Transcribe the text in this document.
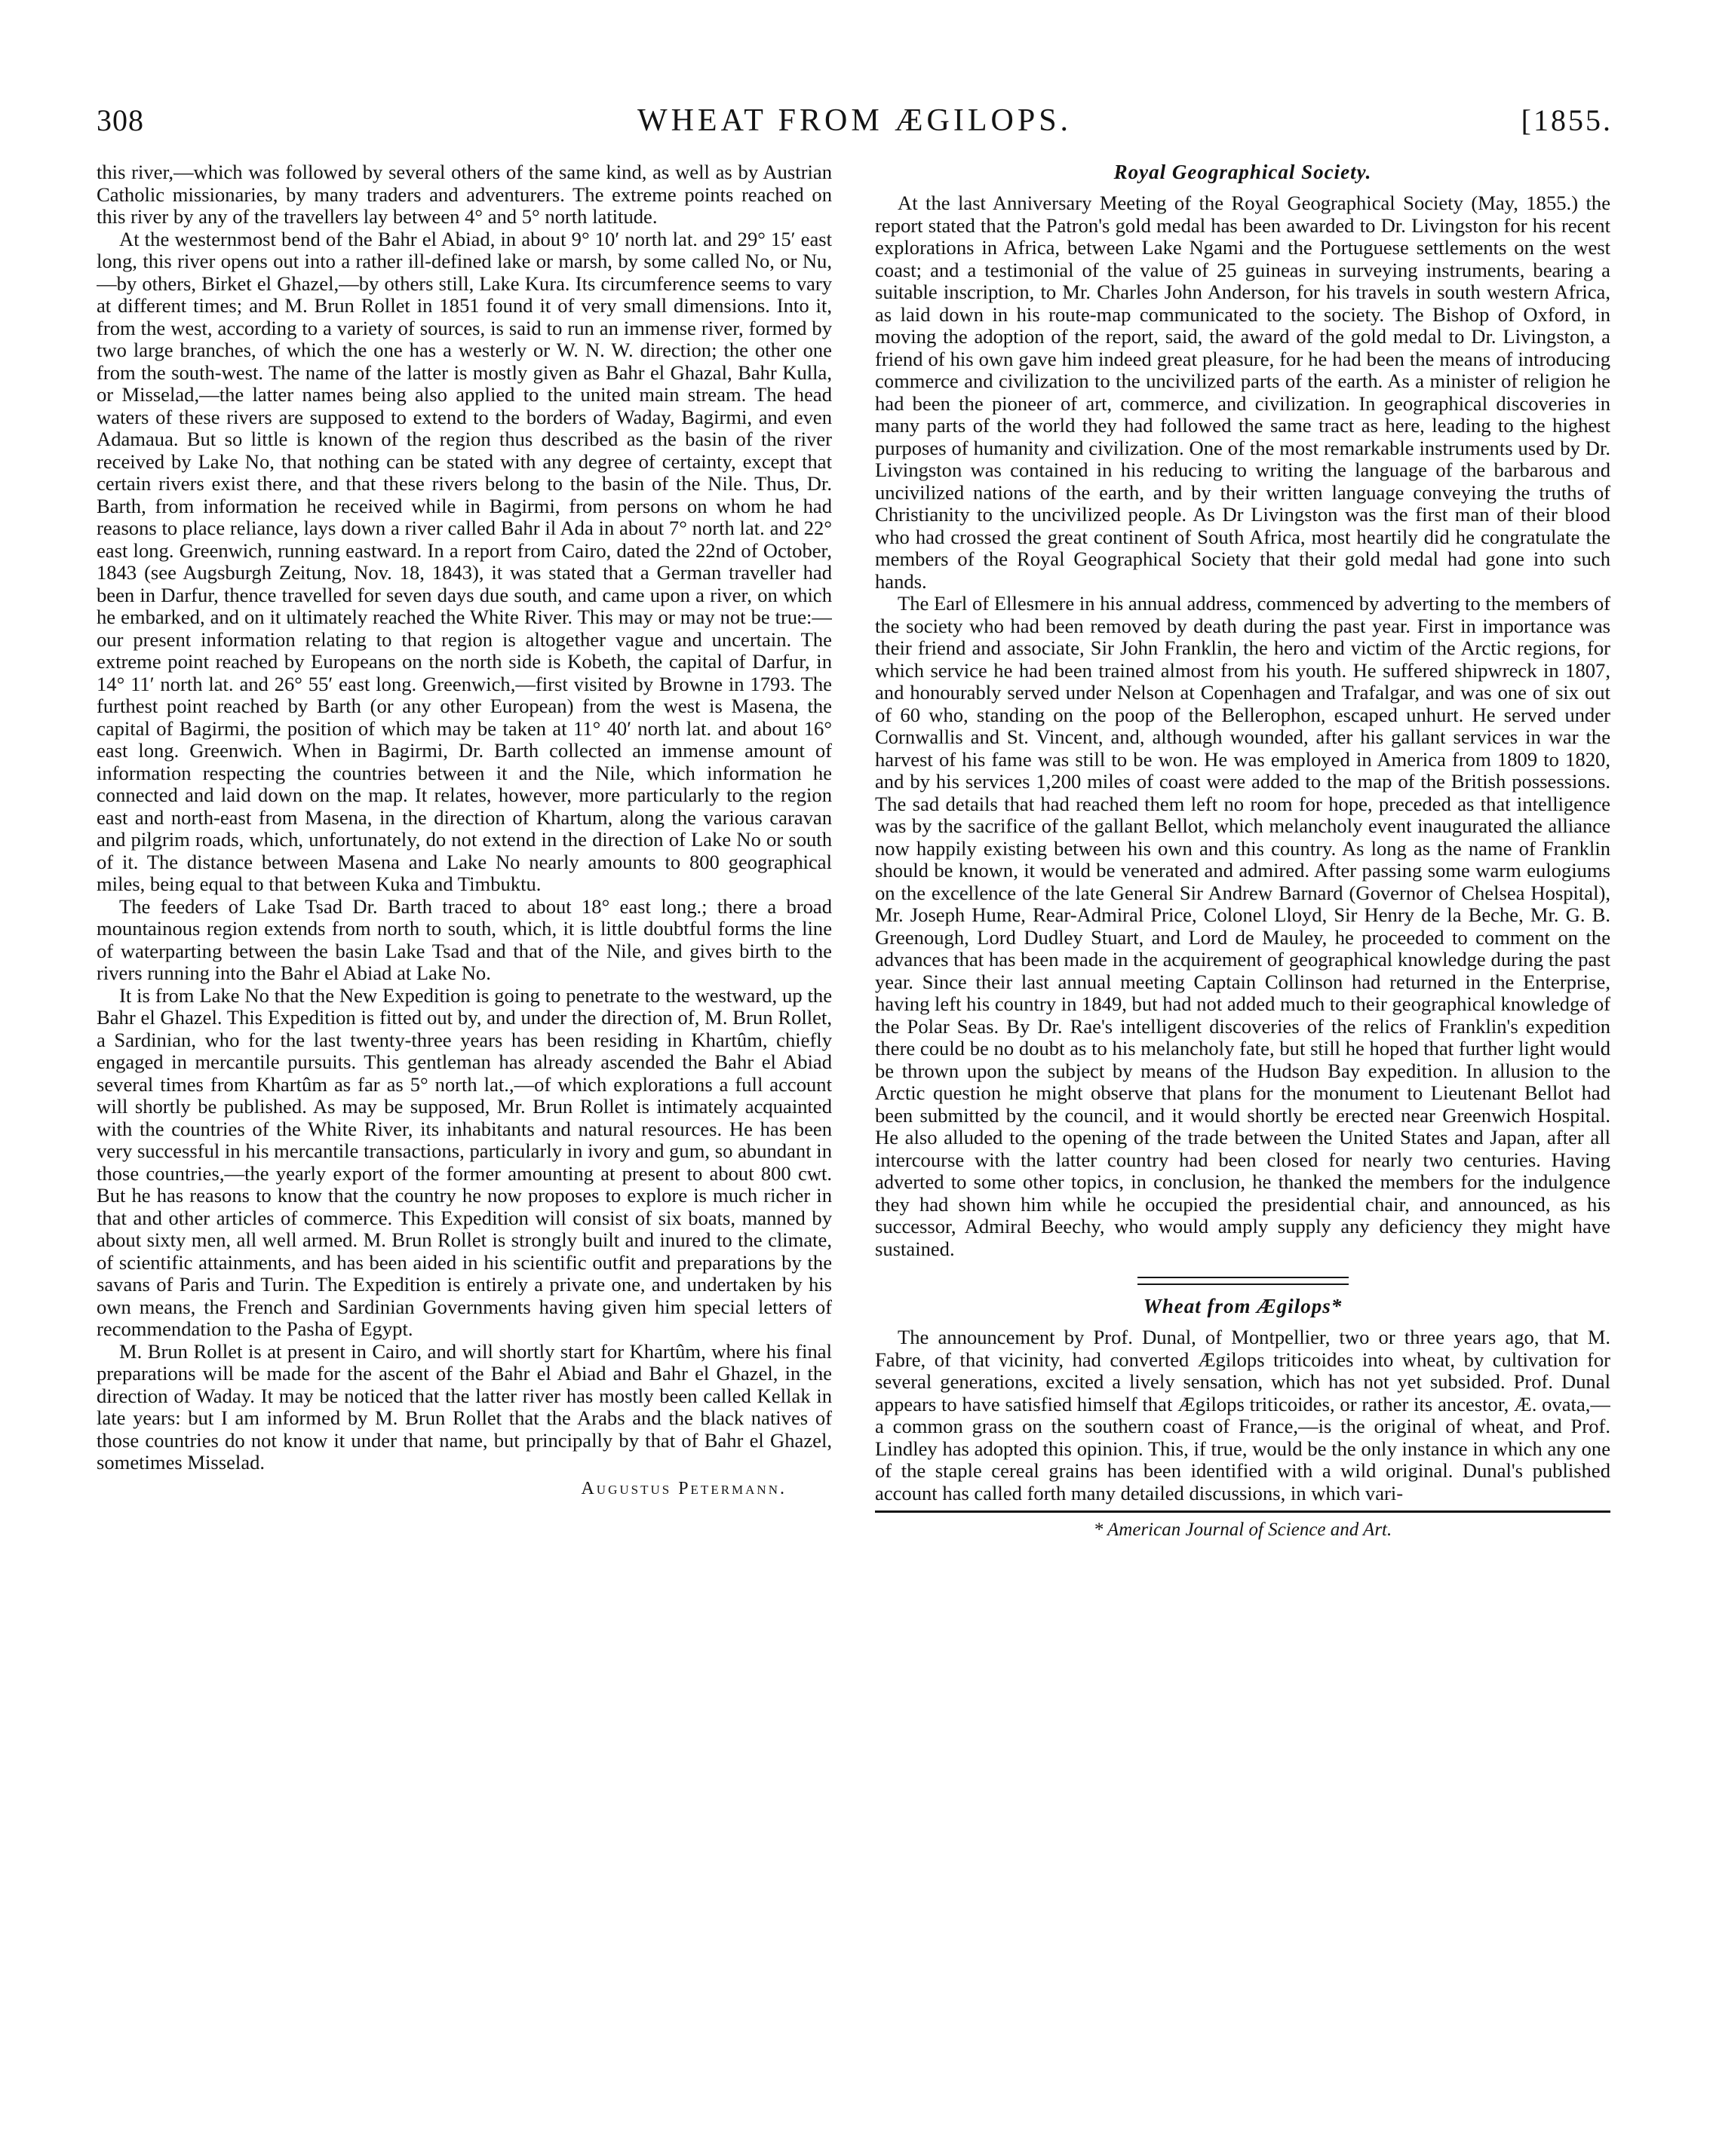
308	WHEAT FROM ÆGILOPS.	[1855.

this river,—which was followed by several others of the same kind, as well as by Austrian Catholic missionaries, by many traders and adventurers. The extreme points reached on this river by any of the travellers lay between 4° and 5° north latitude.

At the westernmost bend of the Bahr el Abiad, in about 9° 10′ north lat. and 29° 15′ east long, this river opens out into a rather ill-defined lake or marsh, by some called No, or Nu,—by others, Birket el Ghazel,—by others still, Lake Kura. Its circumference seems to vary at different times; and M. Brun Rollet in 1851 found it of very small dimensions. Into it, from the west, according to a variety of sources, is said to run an immense river, formed by two large branches, of which the one has a westerly or W. N. W. direction; the other one from the south-west. The name of the latter is mostly given as Bahr el Ghazal, Bahr Kulla, or Misselad,—the latter names being also applied to the united main stream. The head waters of these rivers are supposed to extend to the borders of Waday, Bagirmi, and even Adamaua. But so little is known of the region thus described as the basin of the river received by Lake No, that nothing can be stated with any degree of certainty, except that certain rivers exist there, and that these rivers belong to the basin of the Nile. Thus, Dr. Barth, from information he received while in Bagirmi, from persons on whom he had reasons to place reliance, lays down a river called Bahr il Ada in about 7° north lat. and 22° east long. Greenwich, running eastward. In a report from Cairo, dated the 22nd of October, 1843 (see Augsburgh Zeitung, Nov. 18, 1843), it was stated that a German traveller had been in Darfur, thence travelled for seven days due south, and came upon a river, on which he embarked, and on it ultimately reached the White River. This may or may not be true:—our present information relating to that region is altogether vague and uncertain. The extreme point reached by Europeans on the north side is Kobeth, the capital of Darfur, in 14° 11′ north lat. and 26° 55′ east long. Greenwich,—first visited by Browne in 1793. The furthest point reached by Barth (or any other European) from the west is Masena, the capital of Bagirmi, the position of which may be taken at 11° 40′ north lat. and about 16° east long. Greenwich. When in Bagirmi, Dr. Barth collected an immense amount of information respecting the countries between it and the Nile, which information he connected and laid down on the map. It relates, however, more particularly to the region east and north-east from Masena, in the direction of Khartum, along the various caravan and pilgrim roads, which, unfortunately, do not extend in the direction of Lake No or south of it. The distance between Masena and Lake No nearly amounts to 800 geographical miles, being equal to that between Kuka and Timbuktu.

The feeders of Lake Tsad Dr. Barth traced to about 18° east long.; there a broad mountainous region extends from north to south, which, it is little doubtful forms the line of waterparting between the basin Lake Tsad and that of the Nile, and gives birth to the rivers running into the Bahr el Abiad at Lake No.

It is from Lake No that the New Expedition is going to penetrate to the westward, up the Bahr el Ghazel. This Expedition is fitted out by, and under the direction of, M. Brun Rollet, a Sardinian, who for the last twenty-three years has been residing in Khartûm, chiefly engaged in mercantile pursuits. This gentleman has already ascended the Bahr el Abiad several times from Khartûm as far as 5° north lat.,—of which explorations a full account will shortly be published. As may be supposed, Mr. Brun Rollet is intimately acquainted with the countries of the White River, its inhabitants and natural resources. He has been very successful in his mercantile transactions, particularly in ivory and gum, so abundant in those countries,—the yearly export of the former amounting at present to about 800 cwt. But he has reasons to know that the country he now proposes to explore is much richer in that and other articles of commerce. This Expedition will consist of six boats, manned by about sixty men, all well armed. M. Brun Rollet is strongly built and inured to the climate, of scientific attainments, and has been aided in his scientific outfit and preparations by the savans of Paris and Turin. The Expedition is entirely a private one, and undertaken by his own means, the French and Sardinian Governments having given him special letters of recommendation to the Pasha of Egypt.

M. Brun Rollet is at present in Cairo, and will shortly start for Khartûm, where his final preparations will be made for the ascent of the Bahr el Abiad and Bahr el Ghazel, in the direction of Waday. It may be noticed that the latter river has mostly been called Kellak in late years: but I am informed by M. Brun Rollet that the Arabs and the black natives of those countries do not know it under that name, but principally by that of Bahr el Ghazel, sometimes Misselad.

Augustus Petermann.
Royal Geographical Society.

At the last Anniversary Meeting of the Royal Geographical Society (May, 1855.) the report stated that the Patron's gold medal has been awarded to Dr. Livingston for his recent explorations in Africa, between Lake Ngami and the Portuguese settlements on the west coast; and a testimonial of the value of 25 guineas in surveying instruments, bearing a suitable inscription, to Mr. Charles John Anderson, for his travels in south western Africa, as laid down in his route-map communicated to the society. The Bishop of Oxford, in moving the adoption of the report, said, the award of the gold medal to Dr. Livingston, a friend of his own gave him indeed great pleasure, for he had been the means of introducing commerce and civilization to the uncivilized parts of the earth. As a minister of religion he had been the pioneer of art, commerce, and civilization. In geographical discoveries in many parts of the world they had followed the same tract as here, leading to the highest purposes of humanity and civilization. One of the most remarkable instruments used by Dr. Livingston was contained in his reducing to writing the language of the barbarous and uncivilized nations of the earth, and by their written language conveying the truths of Christianity to the uncivilized people. As Dr Livingston was the first man of their blood who had crossed the great continent of South Africa, most heartily did he congratulate the members of the Royal Geographical Society that their gold medal had gone into such hands.

The Earl of Ellesmere in his annual address, commenced by adverting to the members of the society who had been removed by death during the past year. First in importance was their friend and associate, Sir John Franklin, the hero and victim of the Arctic regions, for which service he had been trained almost from his youth. He suffered shipwreck in 1807, and honourably served under Nelson at Copenhagen and Trafalgar, and was one of six out of 60 who, standing on the poop of the Bellerophon, escaped unhurt. He served under Cornwallis and St. Vincent, and, although wounded, after his gallant services in war the harvest of his fame was still to be won. He was employed in America from 1809 to 1820, and by his services 1,200 miles of coast were added to the map of the British possessions. The sad details that had reached them left no room for hope, preceded as that intelligence was by the sacrifice of the gallant Bellot, which melancholy event inaugurated the alliance now happily existing between his own and this country. As long as the name of Franklin should be known, it would be venerated and admired. After passing some warm eulogiums on the excellence of the late General Sir Andrew Barnard (Governor of Chelsea Hospital), Mr. Joseph Hume, Rear-Admiral Price, Colonel Lloyd, Sir Henry de la Beche, Mr. G. B. Greenough, Lord Dudley Stuart, and Lord de Mauley, he proceeded to comment on the advances that has been made in the acquirement of geographical knowledge during the past year. Since their last annual meeting Captain Collinson had returned in the Enterprise, having left his country in 1849, but had not added much to their geographical knowledge of the Polar Seas. By Dr. Rae's intelligent discoveries of the relics of Franklin's expedition there could be no doubt as to his melancholy fate, but still he hoped that further light would be thrown upon the subject by means of the Hudson Bay expedition. In allusion to the Arctic question he might observe that plans for the monument to Lieutenant Bellot had been submitted by the council, and it would shortly be erected near Greenwich Hospital. He also alluded to the opening of the trade between the United States and Japan, after all intercourse with the latter country had been closed for nearly two centuries. Having adverted to some other topics, in conclusion, he thanked the members for the indulgence they had shown him while he occupied the presidential chair, and announced, as his successor, Admiral Beechy, who would amply supply any deficiency they might have sustained.

Wheat from Ægilops*

The announcement by Prof. Dunal, of Montpellier, two or three years ago, that M. Fabre, of that vicinity, had converted Ægilops triticoides into wheat, by cultivation for several generations, excited a lively sensation, which has not yet subsided. Prof. Dunal appears to have satisfied himself that Ægilops triticoides, or rather its ancestor, Æ. ovata,—a common grass on the southern coast of France,—is the original of wheat, and Prof. Lindley has adopted this opinion. This, if true, would be the only instance in which any one of the staple cereal grains has been identified with a wild original. Dunal's published account has called forth many detailed discussions, in which vari-

* American Journal of Science and Art.
